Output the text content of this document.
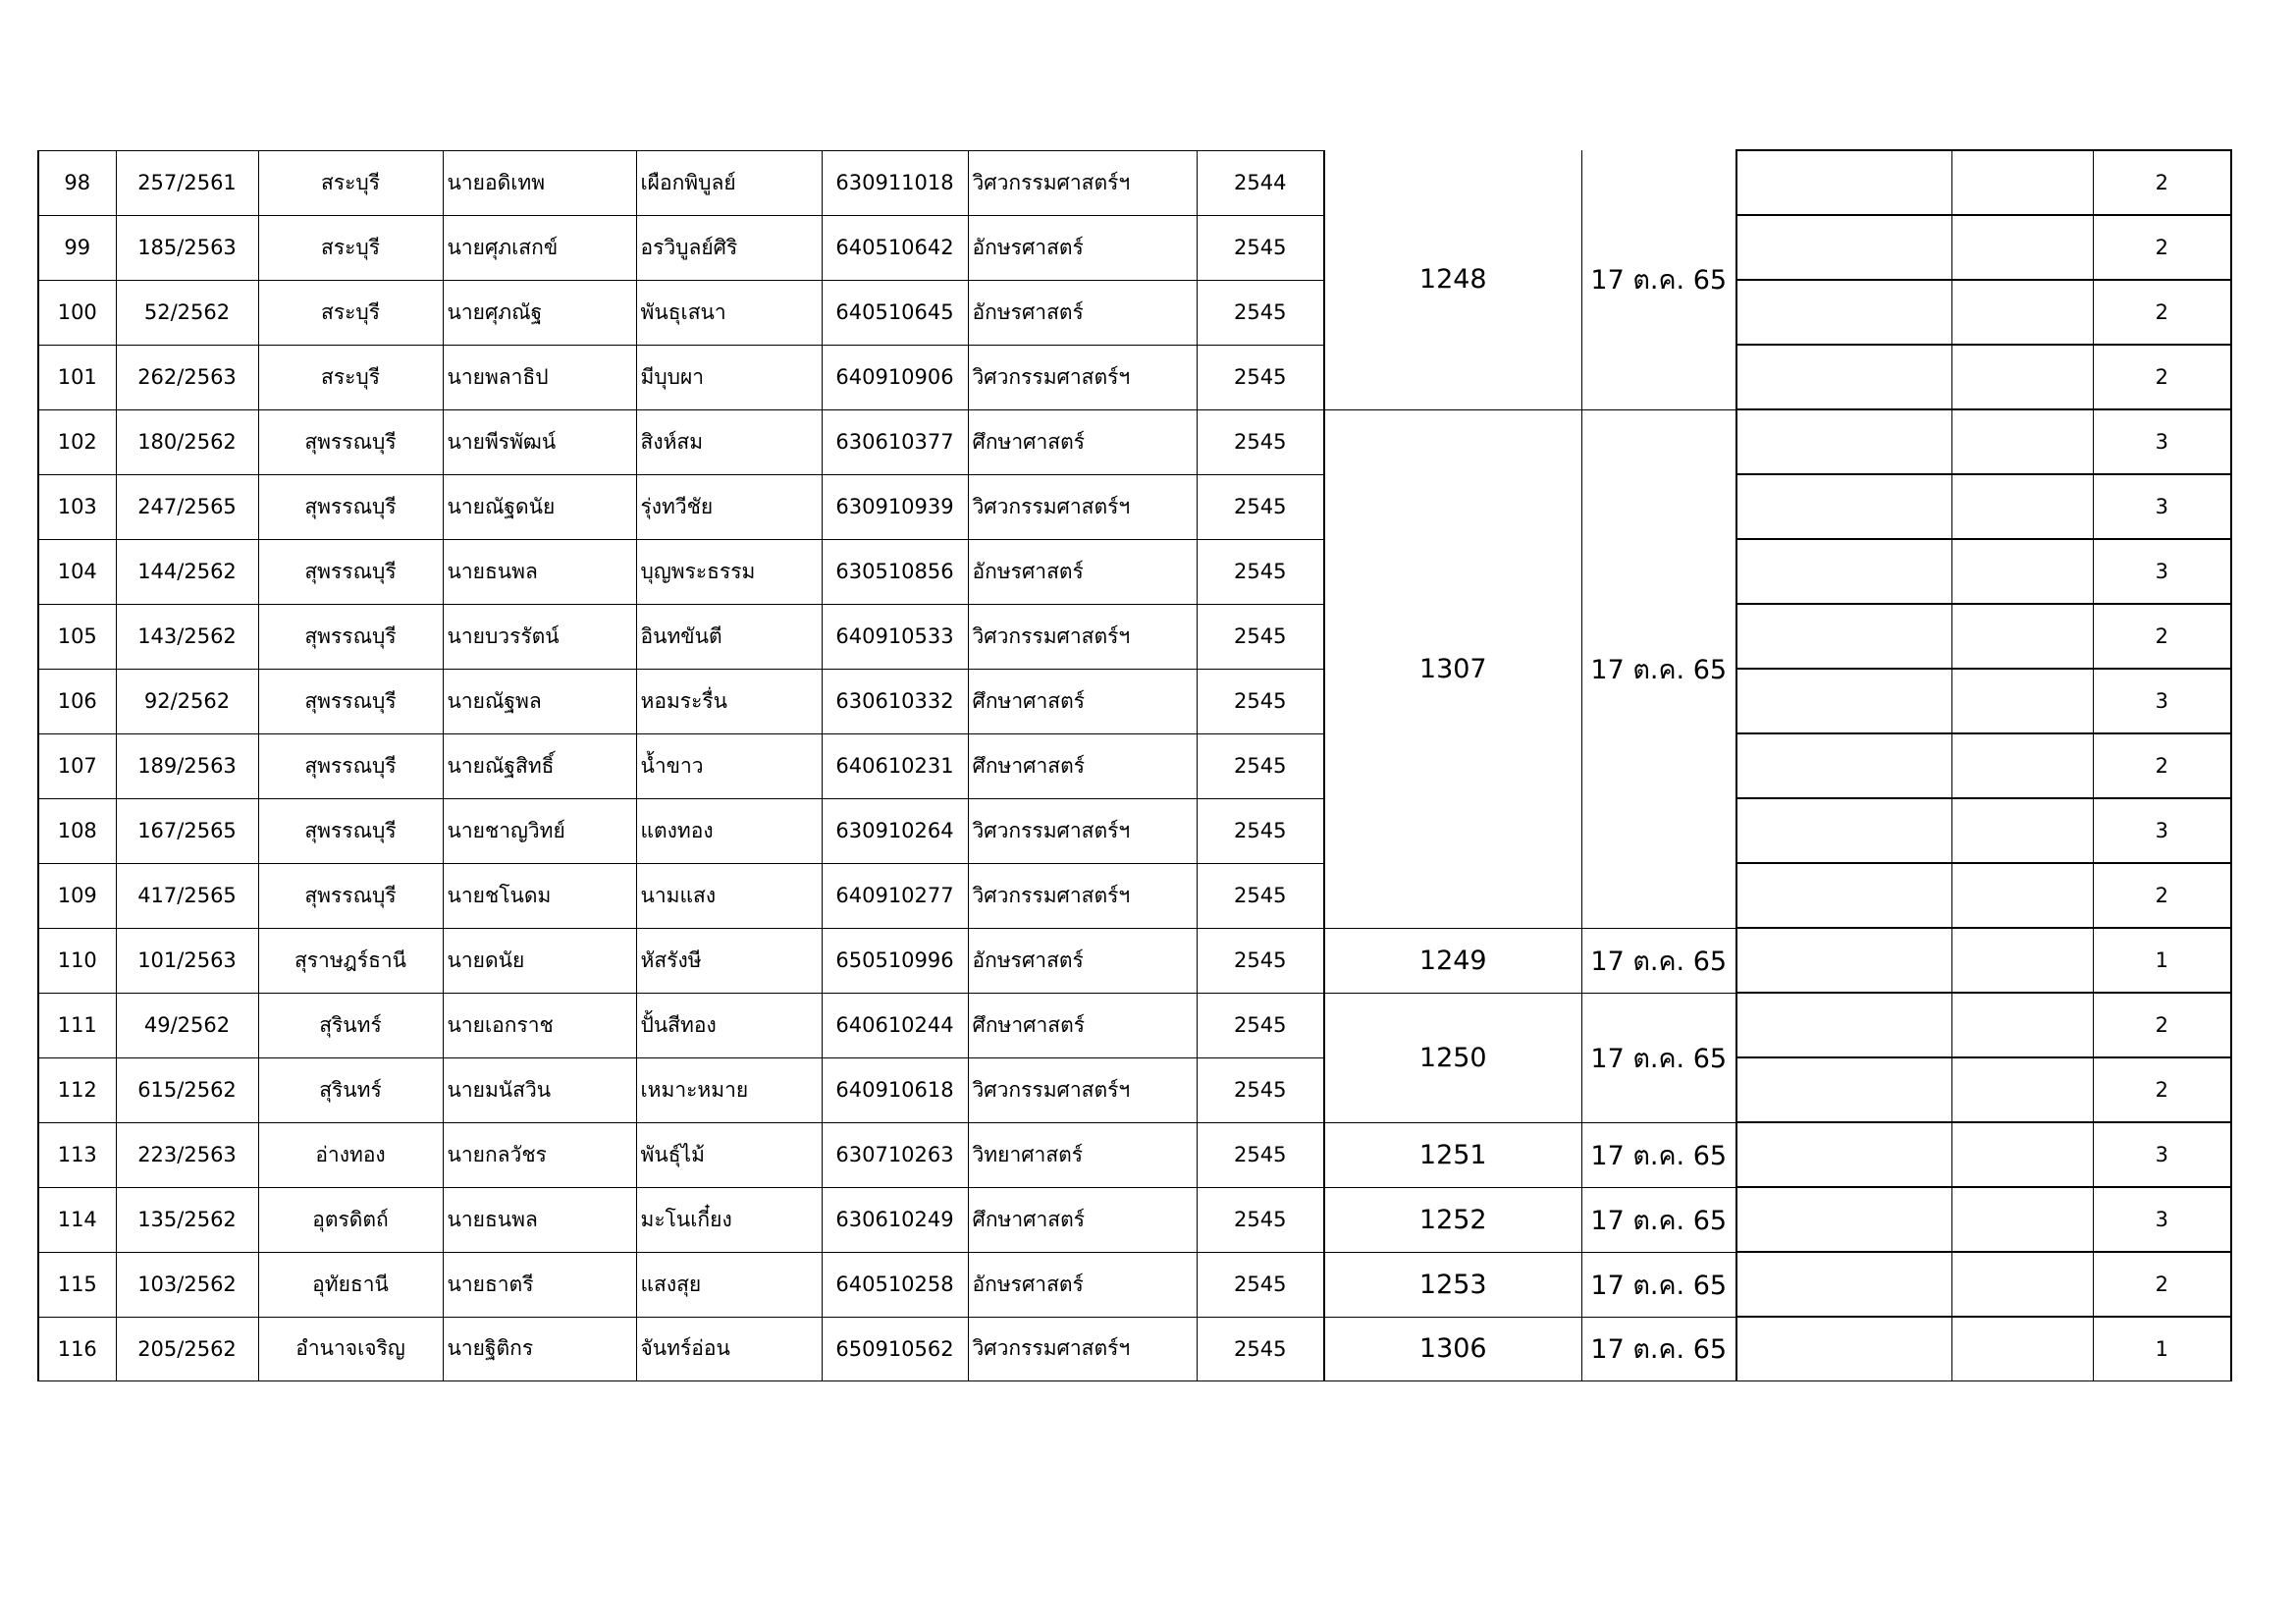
98	257/2561	สระบุรี	นายอดิเทพ	เผือกพิบูลย์	630911018	วิศวกรรมศาสตร์ฯ	2544	1248	17 ต.ค. 65			2
99	185/2563	สระบุรี	นายศุภเสกข์	อรวิบูลย์ศิริ	640510642	อักษรศาสตร์	2545					2
100	52/2562	สระบุรี	นายศุภณัฐ	พันธุเสนา	640510645	อักษรศาสตร์	2545					2
101	262/2563	สระบุรี	นายพลาธิป	มีบุบผา	640910906	วิศวกรรมศาสตร์ฯ	2545					2
102	180/2562	สุพรรณบุรี	นายพีรพัฒน์	สิงห์สม	630610377	ศึกษาศาสตร์	2545	1307	17 ต.ค. 65			3
103	247/2565	สุพรรณบุรี	นายณัฐดนัย	รุ่งทวีชัย	630910939	วิศวกรรมศาสตร์ฯ	2545					3
104	144/2562	สุพรรณบุรี	นายธนพล	บุญพระธรรม	630510856	อักษรศาสตร์	2545					3
105	143/2562	สุพรรณบุรี	นายบวรรัตน์	อินทขันตี	640910533	วิศวกรรมศาสตร์ฯ	2545					2
106	92/2562	สุพรรณบุรี	นายณัฐพล	หอมระรื่น	630610332	ศึกษาศาสตร์	2545					3
107	189/2563	สุพรรณบุรี	นายณัฐสิทธิ์	น้ำขาว	640610231	ศึกษาศาสตร์	2545					2
108	167/2565	สุพรรณบุรี	นายชาญวิทย์	แตงทอง	630910264	วิศวกรรมศาสตร์ฯ	2545					3
109	417/2565	สุพรรณบุรี	นายชโนดม	นามแสง	640910277	วิศวกรรมศาสตร์ฯ	2545					2
110	101/2563	สุราษฎร์ธานี	นายดนัย	หัสรังษี	650510996	อักษรศาสตร์	2545	1249	17 ต.ค. 65			1
111	49/2562	สุรินทร์	นายเอกราช	ปั้นสีทอง	640610244	ศึกษาศาสตร์	2545	1250	17 ต.ค. 65			2
112	615/2562	สุรินทร์	นายมนัสวิน	เหมาะหมาย	640910618	วิศวกรรมศาสตร์ฯ	2545					2
113	223/2563	อ่างทอง	นายกลวัชร	พันธุ์ไม้	630710263	วิทยาศาสตร์	2545	1251	17 ต.ค. 65			3
114	135/2562	อุตรดิตถ์	นายธนพล	มะโนเกี๋ยง	630610249	ศึกษาศาสตร์	2545	1252	17 ต.ค. 65			3
115	103/2562	อุทัยธานี	นายธาตรี	แสงสุย	640510258	อักษรศาสตร์	2545	1253	17 ต.ค. 65			2
116	205/2562	อำนาจเจริญ	นายฐิติกร	จันทร์อ่อน	650910562	วิศวกรรมศาสตร์ฯ	2545	1306	17 ต.ค. 65			1
